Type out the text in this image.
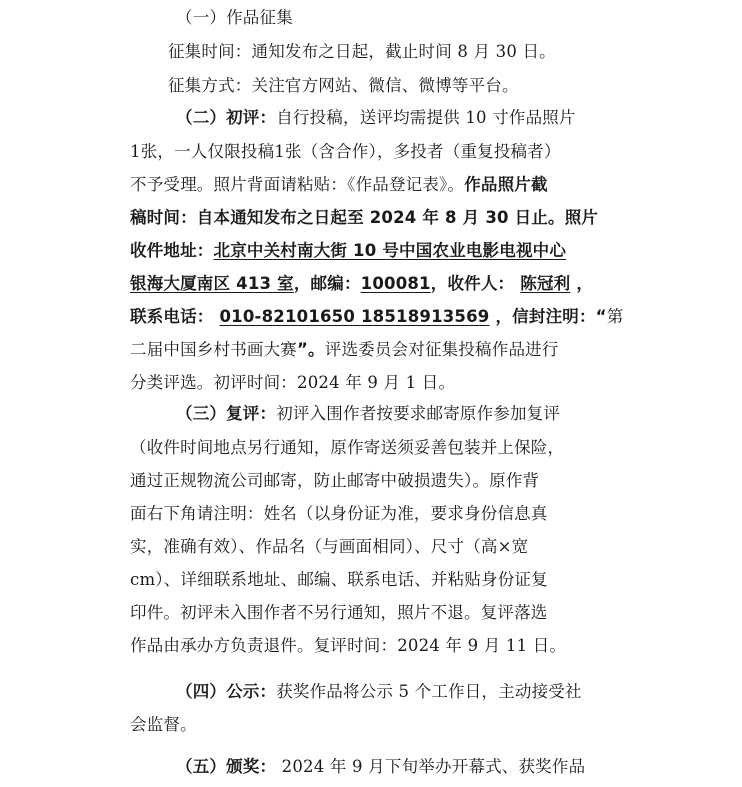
（一）作品征集
征集时间：通知发布之日起，截止时间 8 月 30 日。
征集方式：关注官方网站、微信、微博等平台。
（二）初评：自行投稿，送评均需提供 10 寸作品照片
1张，一人仅限投稿1张（含合作），多投者（重复投稿者）
不予受理。照片背面请粘贴：《作品登记表》。作品照片截
稿时间：自本通知发布之日起至 2024 年 8 月 30 日止。照片
收件地址：北京中关村南大街 10 号中国农业电影电视中心
银海大厦南区 413 室，邮编：100081，收件人： 陈冠利 ，
联系电话： 010-82101650 18518913569 ，信封注明：“第
二届中国乡村书画大赛”。评选委员会对征集投稿作品进行
分类评选。初评时间：2024 年 9 月 1 日。
（三）复评：初评入围作者按要求邮寄原作参加复评
（收件时间地点另行通知，原作寄送须妥善包装并上保险，
通过正规物流公司邮寄，防止邮寄中破损遗失）。原作背
面右下角请注明：姓名（以身份证为准，要求身份信息真
实，准确有效）、作品名（与画面相同）、尺寸（高×宽
cm）、详细联系地址、邮编、联系电话、并粘贴身份证复
印件。初评未入围作者不另行通知，照片不退。复评落选
作品由承办方负责退件。复评时间：2024 年 9 月 11 日。
（四）公示：获奖作品将公示 5 个工作日，主动接受社
会监督。
（五）颁奖： 2024 年 9 月下旬举办开幕式、获奖作品
